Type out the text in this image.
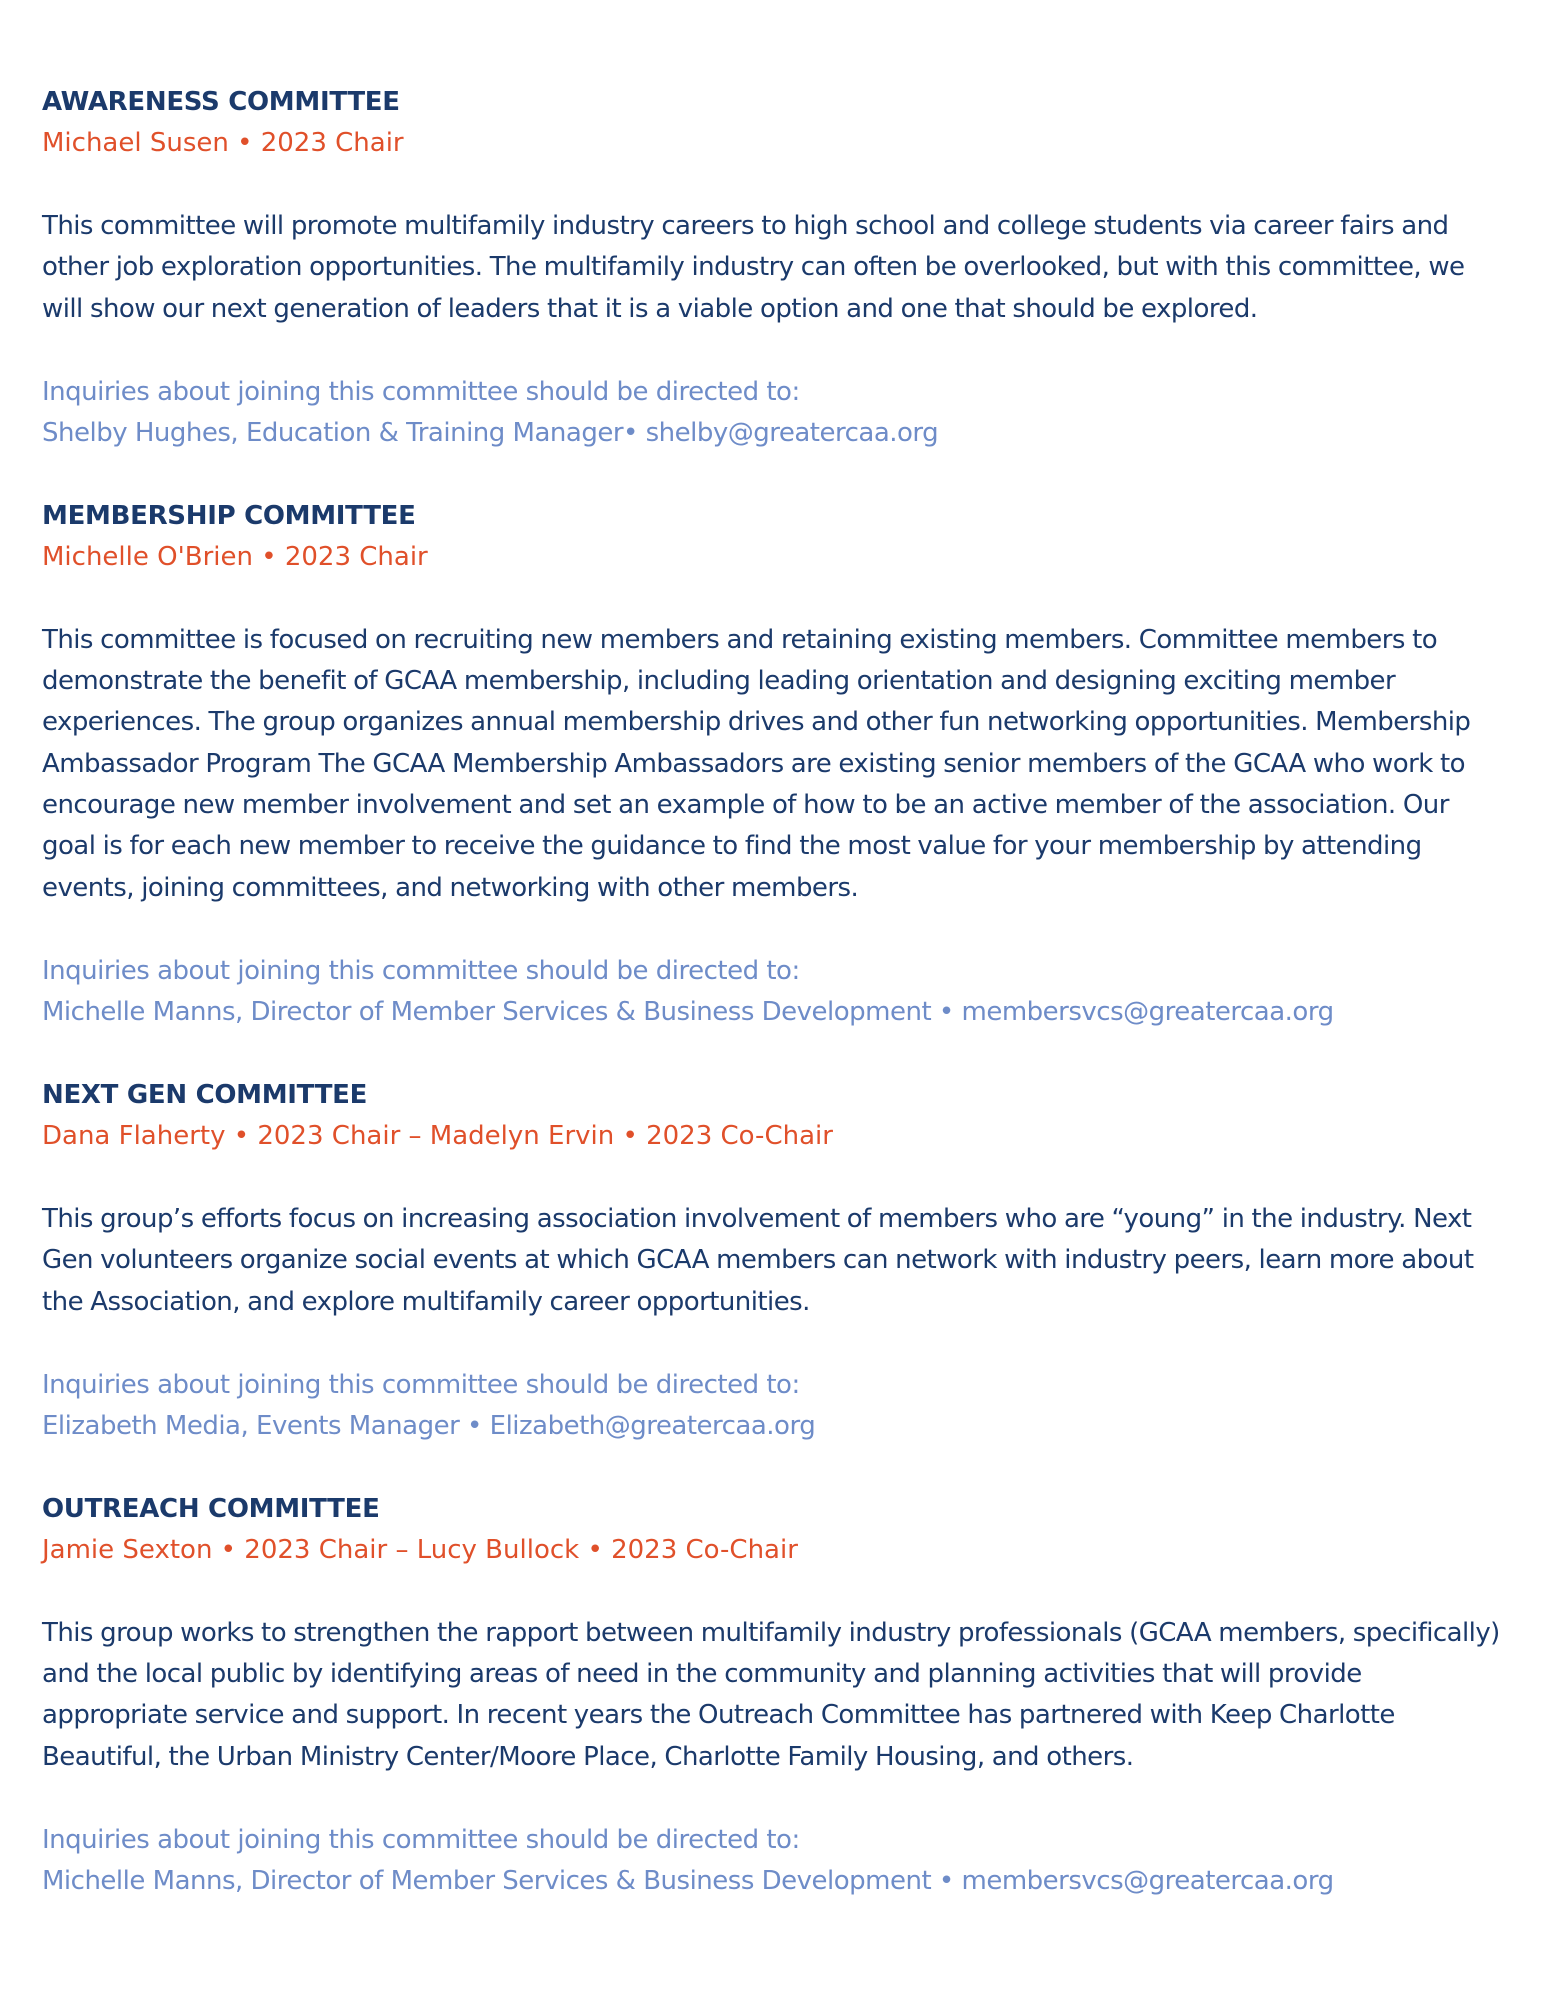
AWARENESS COMMITTEE

Michael Susen • 2023 Chair

This committee will promote multifamily industry careers to high school and college students via career fairs and other job exploration opportunities. The multifamily industry can often be overlooked, but with this committee, we will show our next generation of leaders that it is a viable option and one that should be explored.

Inquiries about joining this committee should be directed to:

Shelby Hughes, Education & Training Manager• shelby@greatercaa.org

MEMBERSHIP COMMITTEE

Michelle O'Brien • 2023 Chair

This committee is focused on recruiting new members and retaining existing members. Committee members to demonstrate the benefit of GCAA membership, including leading orientation and designing exciting member experiences. The group organizes annual membership drives and other fun networking opportunities. Membership Ambassador Program The GCAA Membership Ambassadors are existing senior members of the GCAA who work to encourage new member involvement and set an example of how to be an active member of the association. Our goal is for each new member to receive the guidance to find the most value for your membership by attending events, joining committees, and networking with other members.

Inquiries about joining this committee should be directed to:

Michelle Manns, Director of Member Services & Business Development • membersvcs@greatercaa.org

NEXT GEN COMMITTEE

Dana Flaherty • 2023 Chair – Madelyn Ervin • 2023 Co-Chair

This group’s efforts focus on increasing association involvement of members who are “young” in the industry. Next Gen volunteers organize social events at which GCAA members can network with industry peers, learn more about the Association, and explore multifamily career opportunities.

Inquiries about joining this committee should be directed to:

Elizabeth Media, Events Manager • Elizabeth@greatercaa.org

OUTREACH COMMITTEE

Jamie Sexton • 2023 Chair – Lucy Bullock • 2023 Co-Chair

This group works to strengthen the rapport between multifamily industry professionals (GCAA members, specifically) and the local public by identifying areas of need in the community and planning activities that will provide appropriate service and support. In recent years the Outreach Committee has partnered with Keep Charlotte Beautiful, the Urban Ministry Center/Moore Place, Charlotte Family Housing, and others.

Inquiries about joining this committee should be directed to:

Michelle Manns, Director of Member Services & Business Development • membersvcs@greatercaa.org
